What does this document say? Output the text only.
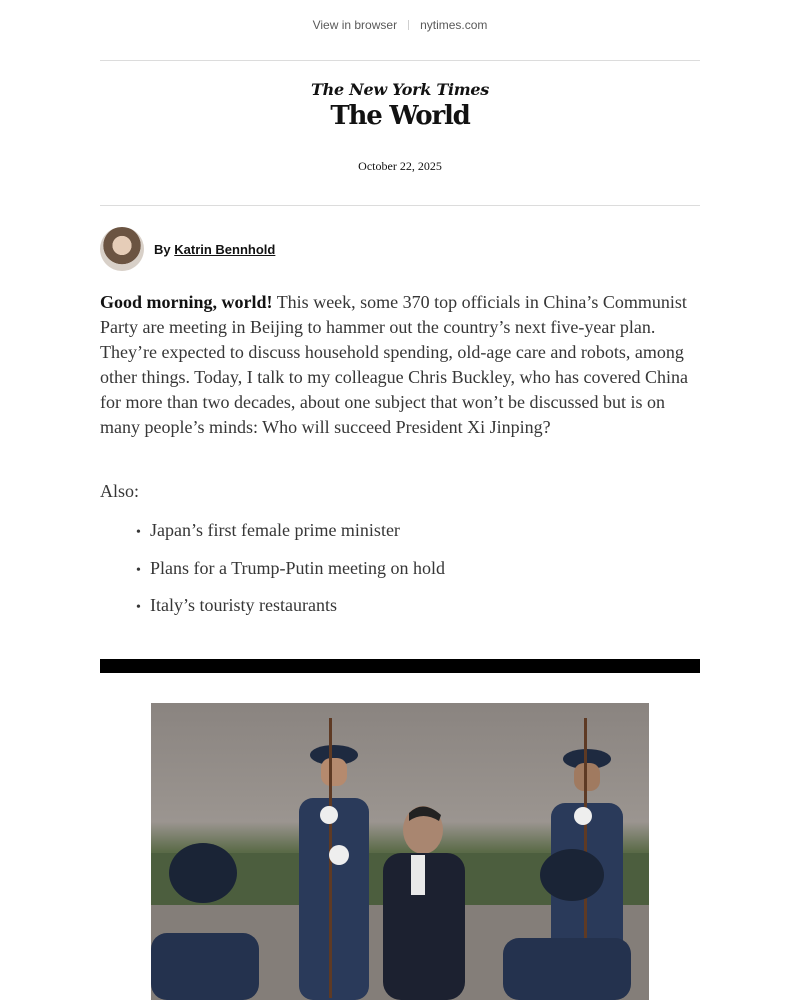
View in browser nytimes.com
The New York Times
The World
October 22, 2025
By Katrin Bennhold

Good morning, world! This week, some 370 top officials in China’s Communist Party are meeting in Beijing to hammer out the country’s next five-year plan. They’re expected to discuss household spending, old-age care and robots, among other things. Today, I talk to my colleague Chris Buckley, who has covered China for more than two decades, about one subject that won’t be discussed but is on many people’s minds: Who will succeed President Xi Jinping?

Also:
• Japan’s first female prime minister
• Plans for a Trump-Putin meeting on hold
• Italy’s touristy restaurants
